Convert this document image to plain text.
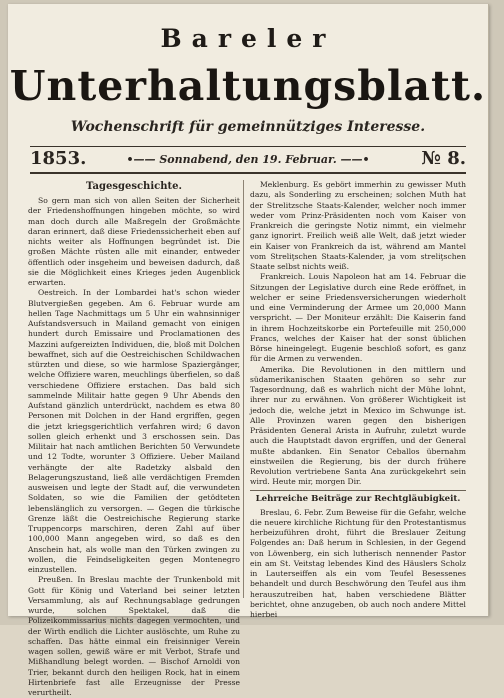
Bareler
Unterhaltungsblatt.
Wochenschrift für gemeinnütziges Interesse.
1853.	•—— Sonnabend, den 19. Februar. ——•	№ 8.
Tagesgeschichte.

So gern man sich von allen Seiten der Sicherheit der Friedenshoffnungen hingeben möchte, so wird man doch durch alle Maßregeln der Großmächte daran erinnert, daß diese Friedenssicherheit eben auf nichts weiter als Hoffnungen begründet ist. Die großen Mächte rüsten alle mit einander, entweder öffentlich oder insgeheim und beweisen dadurch, daß sie die Möglichkeit eines Krieges jeden Augenblick erwarten.

Oestreich. In der Lombardei hat's schon wieder Blutvergießen gegeben. Am 6. Februar wurde am hellen Tage Nachmittags um 5 Uhr ein wahnsinniger Aufstandsversuch in Mailand gemacht von einigen hundert durch Emissaire und Proclamationen des Mazzini aufgereizten Individuen, die, bloß mit Dolchen bewaffnet, sich auf die Oestreichischen Schildwachen stürzten und diese, so wie harmlose Spaziergänger, welche Offiziere waren, meuchlings überfielen, so daß verschiedene Offiziere erstachen. Das bald sich sammelnde Militair hatte gegen 9 Uhr Abends den Aufstand gänzlich unterdrückt, nachdem es etwa 80 Personen mit Dolchen in der Hand ergriffen, gegen die jetzt kriegsgerichtlich verfahren wird; 6 davon sollen gleich erhenkt und 3 erschossen sein. Das Militair hat nach amtlichen Berichten 50 Verwundete und 12 Todte, worunter 3 Offiziere. Ueber Mailand verhängte der alte Radetzky alsbald den Belagerungszustand, ließ alle verdächtigen Fremden ausweisen und legte der Stadt auf, die verwundeten Soldaten, so wie die Familien der getödteten lebenslänglich zu versorgen. — Gegen die türkische Grenze läßt die Oestreichische Regierung starke Truppencorps marschiren, deren Zahl auf über 100,000 Mann angegeben wird, so daß es den Anschein hat, als wolle man den Türken zwingen zu wollen, die Feindseligkeiten gegen Montenegro einzustellen.

Preußen. In Breslau machte der Trunkenbold mit Gott für König und Vaterland bei seiner letzten Versammlung, als auf Rechnungsablage gedrungen wurde, solchen Spektakel, daß die Polizeikommissarius nichts dagegen vermochten, und der Wirth endlich die Lichter auslöschte, um Ruhe zu schaffen. Das hätte einmal ein freisinniger Verein wagen sollen, gewiß wäre er mit Verbot, Strafe und Mißhandlung belegt worden. — Bischof Arnoldi von Trier, bekannt durch den heiligen Rock, hat in einem Hirtenbriefe fast alle Erzeugnisse der Presse verurtheilt.

Meklenburg. Es gebört immerhin zu gewisser Muth dazu, als Sonderling zu erscheinen; solchen Muth hat der Strelitzsche Staats-Kalender, welcher noch immer weder vom Prinz-Präsidenten noch vom Kaiser von Frankreich die geringste Notiz nimmt, ein vielmehr ganz ignorirt. Freilich weiß alle Welt, daß jetzt wieder ein Kaiser von Frankreich da ist, während am Mantel vom Streliţschen Staats-Kalender, ja vom streliţschen Staate selbst nichts weiß.

Frankreich. Louis Napoleon hat am 14. Februar die Sitzungen der Legislative durch eine Rede eröffnet, in welcher er seine Friedensversicherungen wiederholt und eine Verminderung der Armee um 20,000 Mann verspricht. — Der Moniteur erzählt: Die Kaiserin fand in ihrem Hochzeitskorbe ein Portefeuille mit 250,000 Francs, welches der Kaiser hat der sonst üblichen Börse hineingelegt. Eugenie beschloß sofort, es ganz für die Armen zu verwenden.

Amerika. Die Revolutionen in den mittlern und südamerikanischen Staaten gehören so sehr zur Tagesordnung, daß es wahrlich nicht der Mühe lohnt, ihrer nur zu erwähnen. Von größerer Wichtigkeit ist jedoch die, welche jetzt in Mexico im Schwunge ist. Alle Provinzen waren gegen den bisherigen Präsidenten General Arista in Aufruhr, zuletzt wurde auch die Hauptstadt davon ergriffen, und der General mußte abdanken. Ein Senator Ceballos übernahm einstweilen die Regierung, bis der durch frühere Revolution vertriebene Santa Ana zurückgekehrt sein wird. Heute mir, morgen Dir.

Lehrreiche Beiträge zur Rechtgläubigkeit.

Breslau, 6. Febr. Zum Beweise für die Gefahr, welche die neuere kirchliche Richtung für den Protestantismus herbeizuführen droht, führt die Breslauer Zeitung Folgendes an: Daß herum in Schlesien, in der Gegend von Löwenberg, ein sich lutherisch nennender Pastor ein am St. Veitstag lebendes Kind des Häuslers Scholz in Lauterseiffen als ein vom Teufel Besessenes behandelt und durch Beschwörung den Teufel aus ihm herauszutreiben hat, haben verschiedene Blätter berichtet, ohne anzugeben, ob auch noch andere Mittel hierbei
